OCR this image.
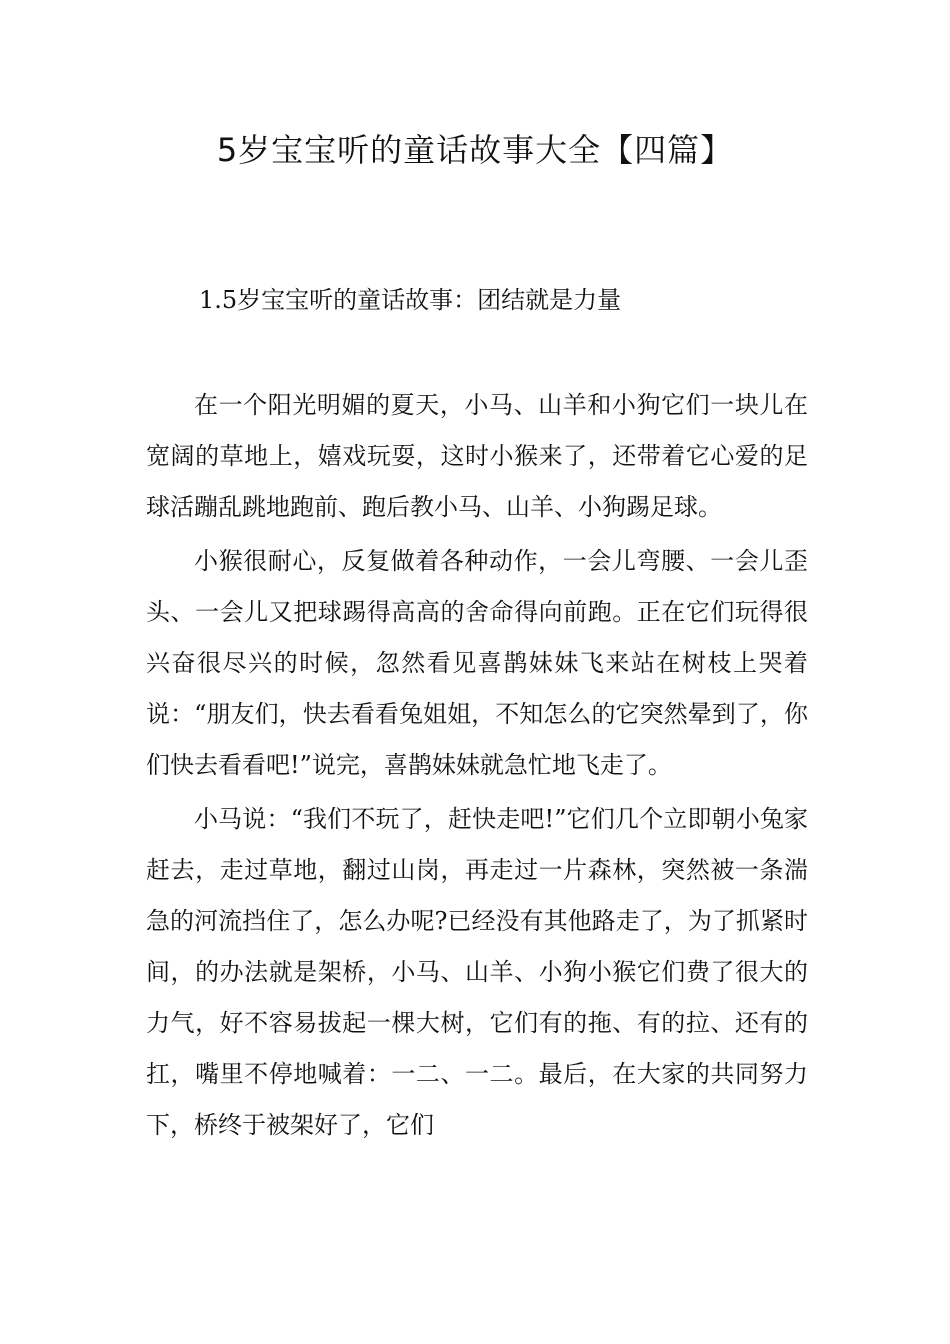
5岁宝宝听的童话故事大全【四篇】

1.5岁宝宝听的童话故事：团结就是力量

在一个阳光明媚的夏天，小马、山羊和小狗它们一块儿在宽阔的草地上，嬉戏玩耍，这时小猴来了，还带着它心爱的足球活蹦乱跳地跑前、跑后教小马、山羊、小狗踢足球。

小猴很耐心，反复做着各种动作，一会儿弯腰、一会儿歪头、一会儿又把球踢得高高的舍命得向前跑。正在它们玩得很兴奋很尽兴的时候，忽然看见喜鹊妹妹飞来站在树枝上哭着说：“朋友们，快去看看兔姐姐，不知怎么的它突然晕到了，你们快去看看吧!”说完，喜鹊妹妹就急忙地飞走了。

小马说：“我们不玩了，赶快走吧!”它们几个立即朝小兔家赶去，走过草地，翻过山岗，再走过一片森林，突然被一条湍急的河流挡住了，怎么办呢?已经没有其他路走了，为了抓紧时间，的办法就是架桥，小马、山羊、小狗小猴它们费了很大的力气，好不容易拔起一棵大树，它们有的拖、有的拉、还有的扛，嘴里不停地喊着：一二、一二。最后，在大家的共同努力下，桥终于被架好了，它们
